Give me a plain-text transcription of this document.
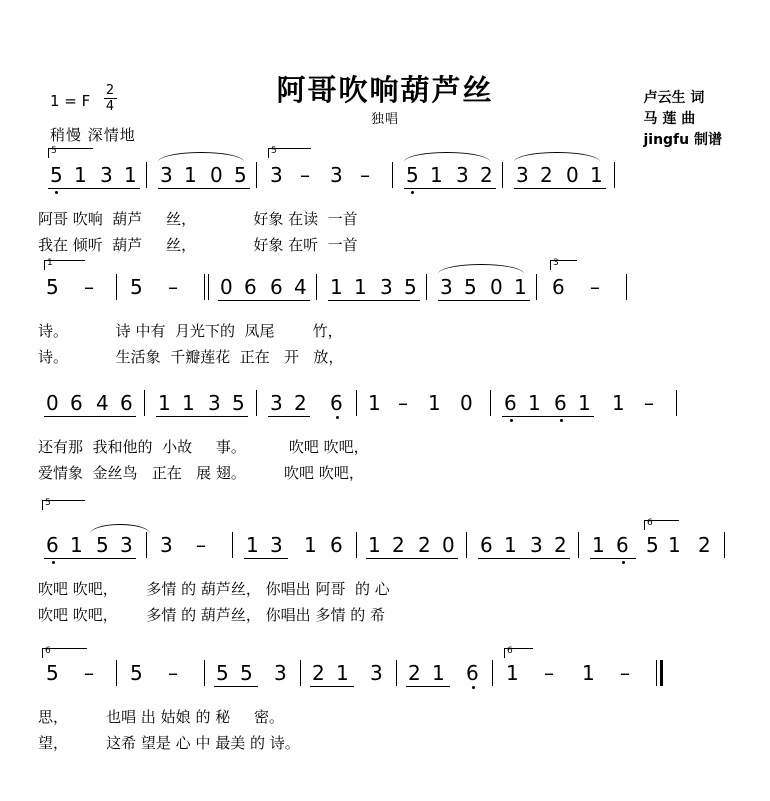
阿哥吹响葫芦丝
独唱
1 = F
2
4
稍慢 深情地
卢云生 词
马 莲 曲
jingfu 制谱
5
5 1 3 1 3 1 0 5
5
3 – 3 – 5 1 3 2 3 2 0 1
阿哥 吹响  葫芦     丝，            好象 在读  一首
我在 倾听  葫芦     丝，            好象 在听  一首
1
5 – 5 – 0 6 6 4 1 1 3 5 3 5 0 1
3
6 –
诗。          诗 中有  月光下的  凤尾        竹，
诗。          生活象  千瓣莲花  正在   开   放，
0 6 4 6 1 1 3 5 3 2 6 1 – 1 0 6 1 6 1 1 –
还有那  我和他的  小故     事。         吹吧 吹吧，
爱情象  金丝鸟   正在   展 翅。        吹吧 吹吧，
5
6 1 5 3 3 – 1 3 1 6 1 2 2 0 6 1 3 2 1 6
6
5 1 2
吹吧 吹吧，      多情 的 葫芦丝， 你唱出 阿哥  的 心
吹吧 吹吧，      多情 的 葫芦丝， 你唱出 多情 的 希
6
5 – 5 – 5 5 3 2 1 3 2 1 6
6
1 – 1 –
思，        也唱 出 姑娘 的 秘     密。
望，        这希 望是 心 中 最美 的 诗。
